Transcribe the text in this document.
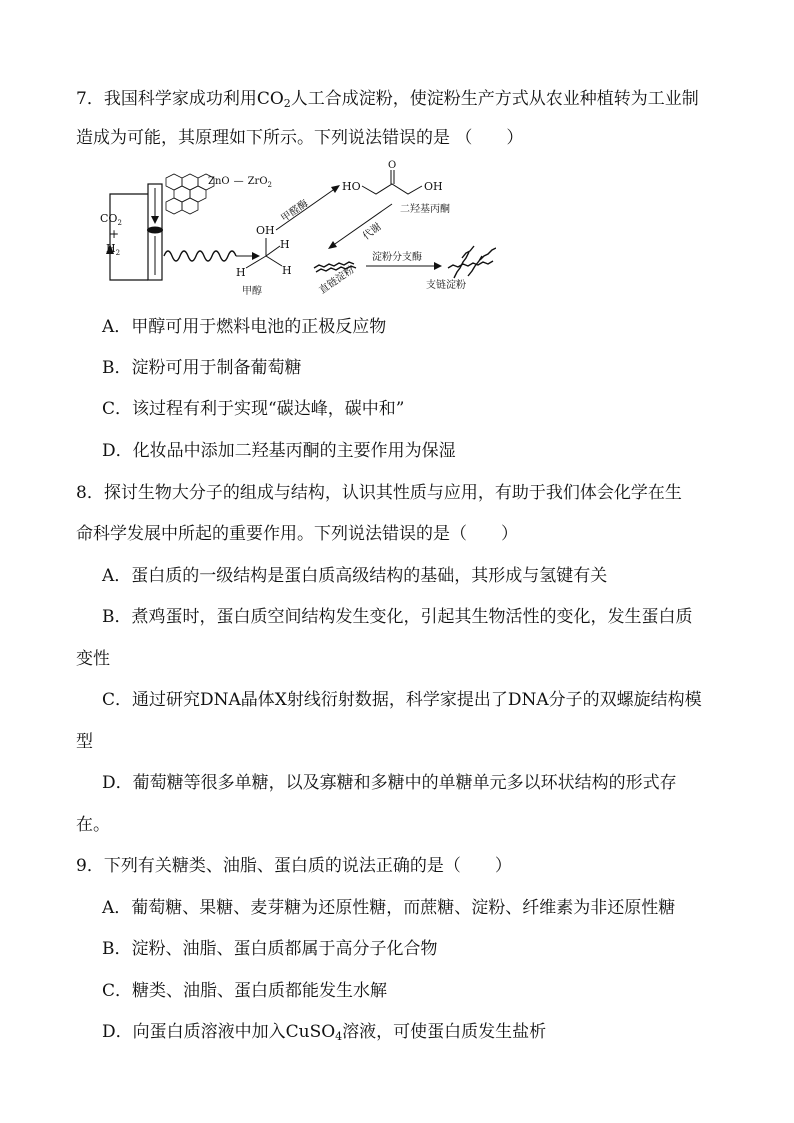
7．我国科学家成功利用$CO_2$人工合成淀粉，使淀粉生产方式从农业种植转为工业制
造成为可能，其原理如下所示。下列说法错误的是 （　　）
$CO_2$
+
$H_2$
ZnO — ZrO$_2$
OH
H
H
H
甲醇
甲醛酶
HO
O
OH
二羟基丙酮
代谢
直链淀粉
淀粉分支酶
支链淀粉
A．甲醇可用于燃料电池的正极反应物
B．淀粉可用于制备葡萄糖
C．该过程有利于实现“碳达峰，碳中和”
D．化妆品中添加二羟基丙酮的主要作用为保湿
8．探讨生物大分子的组成与结构，认识其性质与应用，有助于我们体会化学在生
命科学发展中所起的重要作用。下列说法错误的是（　　）
A．蛋白质的一级结构是蛋白质高级结构的基础，其形成与氢键有关
B．煮鸡蛋时，蛋白质空间结构发生变化，引起其生物活性的变化，发生蛋白质
变性
C．通过研究DNA晶体X射线衍射数据，科学家提出了DNA分子的双螺旋结构模
型
D．葡萄糖等很多单糖，以及寡糖和多糖中的单糖单元多以环状结构的形式存
在。
9．下列有关糖类、油脂、蛋白质的说法正确的是（　　）
A．葡萄糖、果糖、麦芽糖为还原性糖，而蔗糖、淀粉、纤维素为非还原性糖
B．淀粉、油脂、蛋白质都属于高分子化合物
C．糖类、油脂、蛋白质都能发生水解
D．向蛋白质溶液中加入CuSO$_4$溶液，可使蛋白质发生盐析
